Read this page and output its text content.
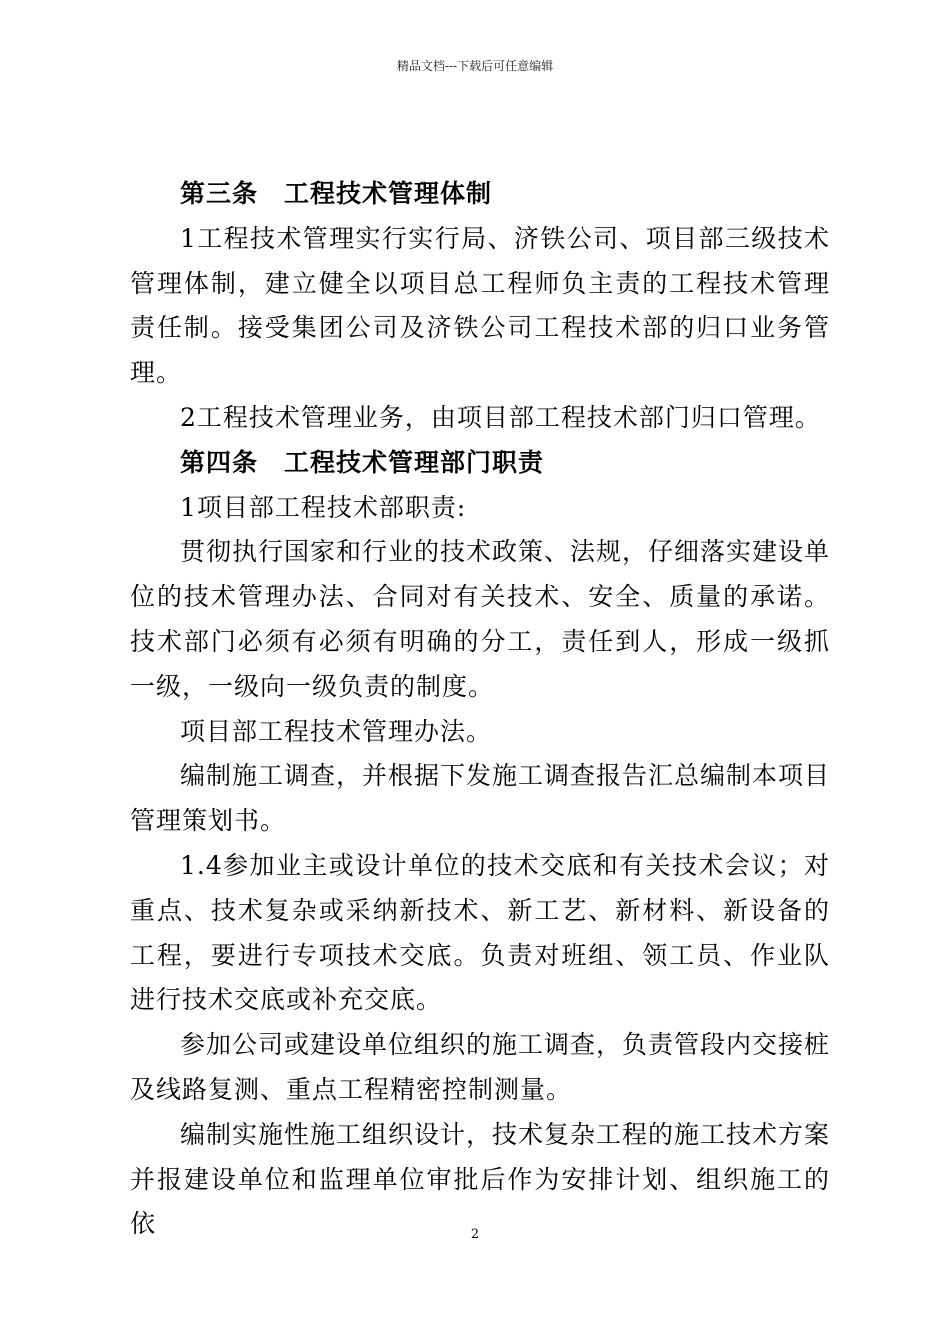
精品文档---下载后可任意编辑

第三条　工程技术管理体制

1工程技术管理实行实行局、济铁公司、项目部三级技术管理体制，建立健全以项目总工程师负主责的工程技术管理责任制。接受集团公司及济铁公司工程技术部的归口业务管理。

2工程技术管理业务，由项目部工程技术部门归口管理。

第四条　工程技术管理部门职责

1项目部工程技术部职责:

贯彻执行国家和行业的技术政策、法规，仔细落实建设单位的技术管理办法、合同对有关技术、安全、质量的承诺。技术部门必须有必须有明确的分工，责任到人，形成一级抓一级，一级向一级负责的制度。

项目部工程技术管理办法。

编制施工调查，并根据下发施工调查报告汇总编制本项目管理策划书。

1.4参加业主或设计单位的技术交底和有关技术会议；对重点、技术复杂或采纳新技术、新工艺、新材料、新设备的工程，要进行专项技术交底。负责对班组、领工员、作业队进行技术交底或补充交底。

参加公司或建设单位组织的施工调查，负责管段内交接桩及线路复测、重点工程精密控制测量。

编制实施性施工组织设计，技术复杂工程的施工技术方案并报建设单位和监理单位审批后作为安排计划、组织施工的依	2
